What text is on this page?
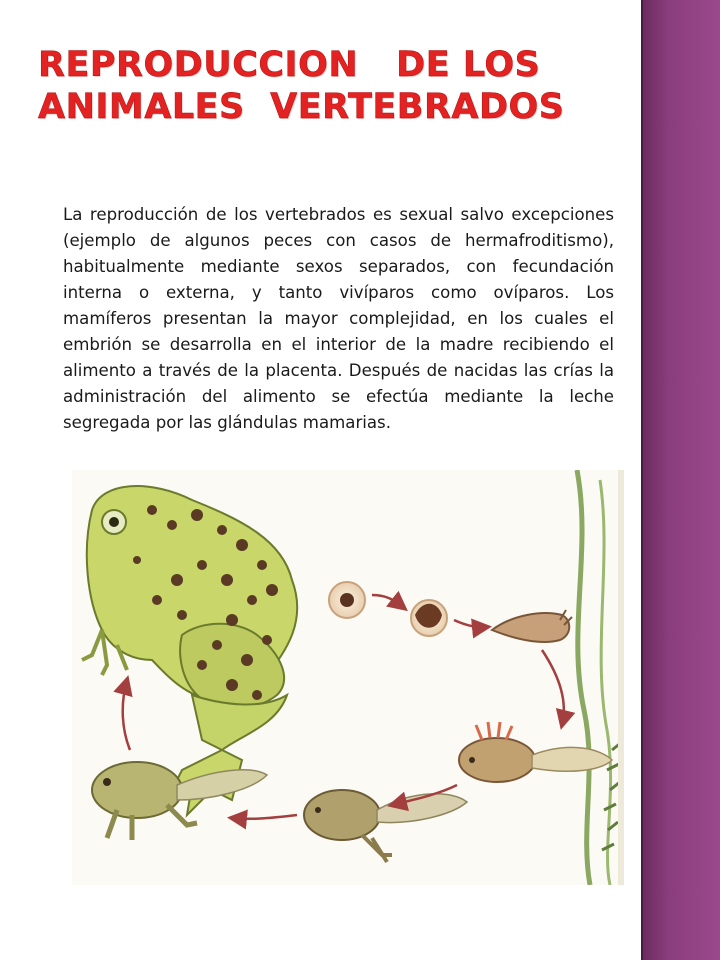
REPRODUCCION   DE LOS
ANIMALES  VERTEBRADOS

La reproducción de los vertebrados es sexual salvo excepciones (ejemplo de algunos peces con casos de hermafroditismo), habitualmente mediante sexos separados, con fecundación interna o externa, y tanto vivíparos como ovíparos. Los mamíferos presentan la mayor complejidad, en los cuales el embrión se desarrolla en el interior de la madre recibiendo el alimento a través de la placenta. Después de nacidas las crías la administración del alimento se efectúa mediante la leche segregada por las glándulas mamarias.
